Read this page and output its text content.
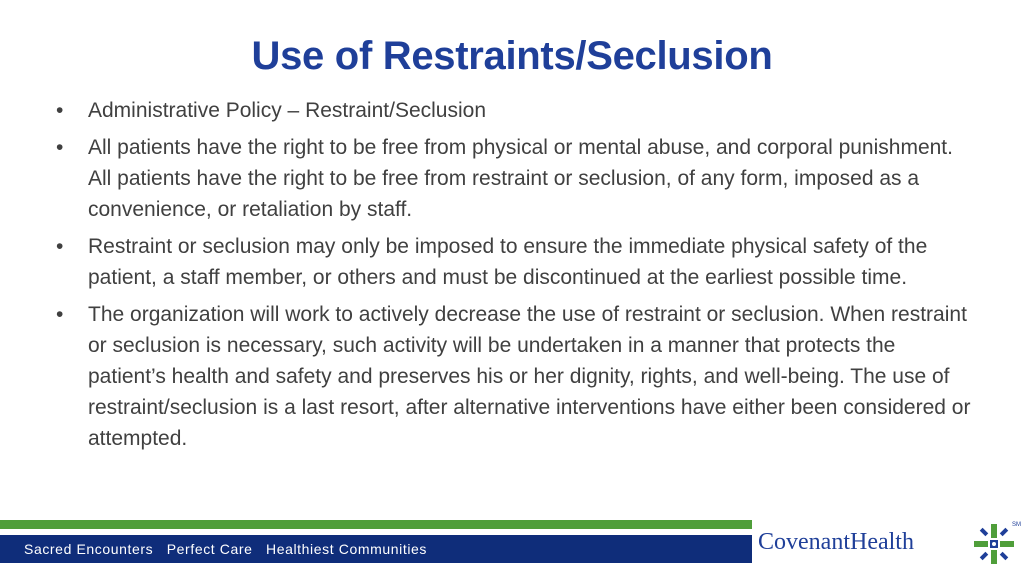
Use of Restraints/Seclusion
•	Administrative Policy – Restraint/Seclusion
•	All patients have the right to be free from physical or mental abuse, and corporal punishment. All patients have the right to be free from restraint or seclusion, of any form, imposed as a convenience, or retaliation by staff.
•	Restraint or seclusion may only be imposed to ensure the immediate physical safety of the patient, a staff member, or others and must be discontinued at the earliest possible time.
•	The organization will work to actively decrease the use of restraint or seclusion. When restraint or seclusion is necessary, such activity will be undertaken in a manner that protects the patient’s health and safety and preserves his or her dignity, rights, and well-being. The use of restraint/seclusion is a last resort, after alternative interventions have either been considered or attempted.
Sacred Encounters   Perfect Care   Healthiest Communities	CovenantHealth
SM
